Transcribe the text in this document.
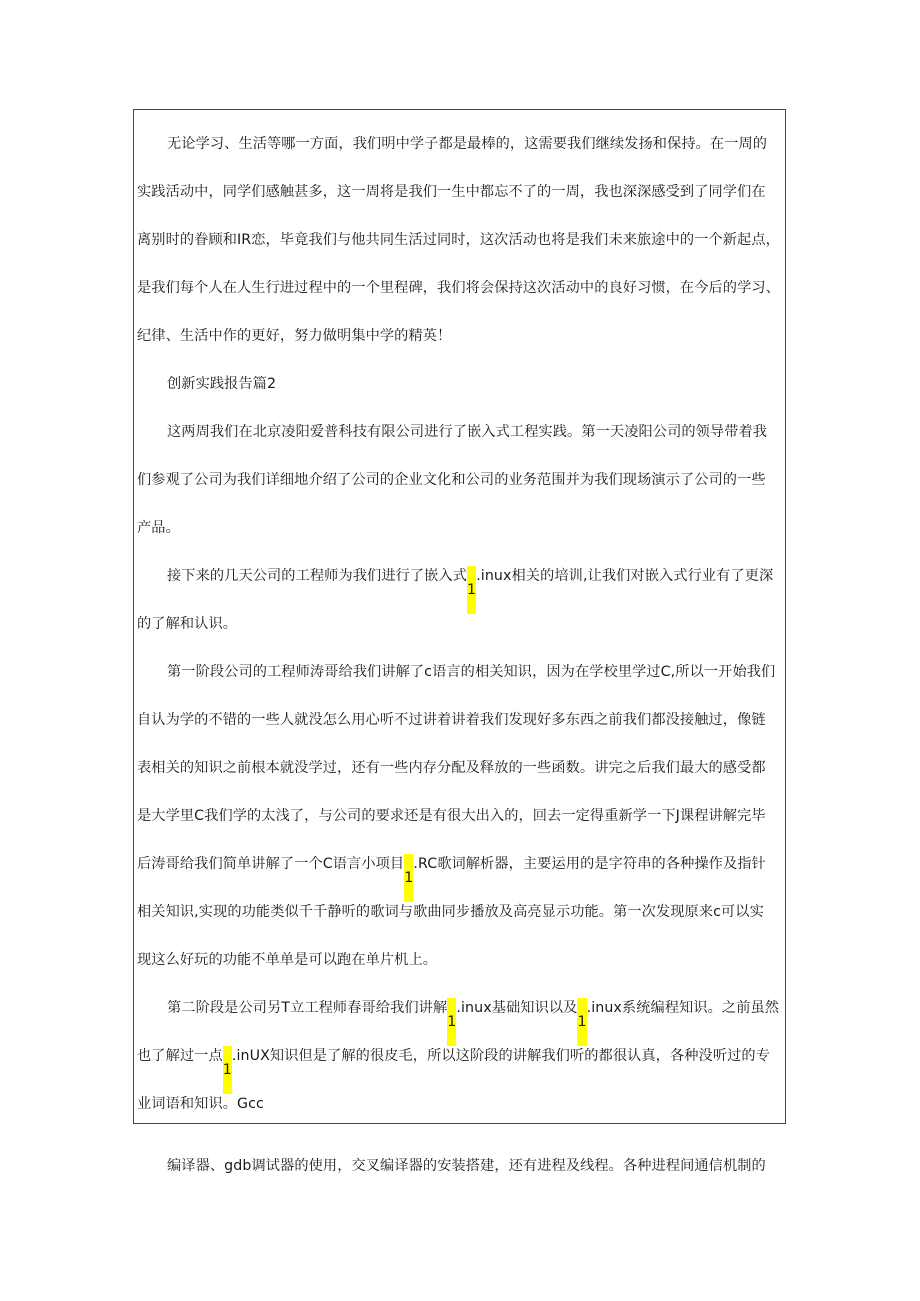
无论学习、生活等哪一方面，我们明中学子都是最棒的，这需要我们继续发扬和保持。在一周的
实践活动中，同学们感触甚多，这一周将是我们一生中都忘不了的一周，我也深深感受到了同学们在
离别时的眷顾和IR恋，毕竟我们与他共同生活过同时，这次活动也将是我们未来旅途中的一个新起点，
是我们每个人在人生行进过程中的一个里程碑，我们将会保持这次活动中的良好习惯，在今后的学习、
纪律、生活中作的更好，努力做明集中学的精英！
创新实践报告篇2
这两周我们在北京凌阳爱普科技有限公司进行了嵌入式工程实践。第一天凌阳公司的领导带着我
们参观了公司为我们详细地介绍了公司的企业文化和公司的业务范围并为我们现场演示了公司的一些
产品。
接下来的几天公司的工程师为我们进行了嵌入式1.inux相关的培训,让我们对嵌入式行业有了更深
的了解和认识。
第一阶段公司的工程师涛哥给我们讲解了c语言的相关知识，因为在学校里学过C,所以一开始我们
自认为学的不错的一些人就没怎么用心听不过讲着讲着我们发现好多东西之前我们都没接触过，像链
表相关的知识之前根本就没学过，还有一些内存分配及释放的一些函数。讲完之后我们最大的感受都
是大学里C我们学的太浅了，与公司的要求还是有很大出入的，回去一定得重新学一下J课程讲解完毕
后涛哥给我们简单讲解了一个C语言小项目1.RC歌词解析器，主要运用的是字符串的各种操作及指针
相关知识,实现的功能类似千千静听的歌词与歌曲同步播放及高亮显示功能。第一次发现原来c可以实
现这么好玩的功能不单单是可以跑在单片机上。
第二阶段是公司另T立工程师春哥给我们讲解1.inux基础知识以及1.inux系统编程知识。之前虽然
也了解过一点1.inUX知识但是了解的很皮毛，所以这阶段的讲解我们听的都很认真，各种没听过的专
业词语和知识。Gcc
编译器、gdb调试器的使用，交叉编译器的安装搭建，还有进程及线程。各种进程间通信机制的
